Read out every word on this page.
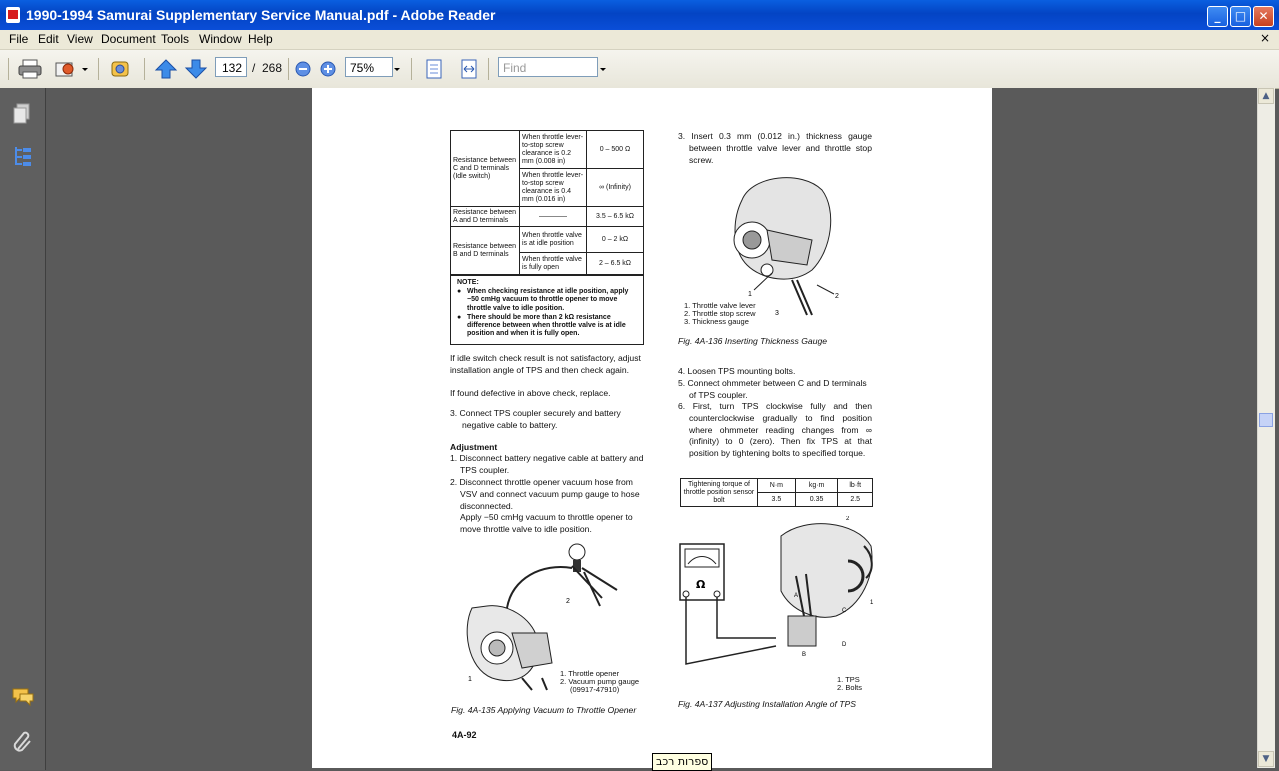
1990-1994 Samurai Supplementary Service Manual.pdf - Adobe Reader	_	□	✕
File Edit View Document Tools Window Help	×
132 / 268	75%	Find
Resistance between C and D terminals (Idle switch)	When throttle lever-to-stop screw clearance is 0.2 mm (0.008 in)	0 – 500 Ω
	When throttle lever-to-stop screw clearance is 0.4 mm (0.016 in)	∞ (Infinity)
Resistance between A and D terminals	————	3.5 – 6.5 kΩ
Resistance between B and D terminals	When throttle valve is at idle position	0 – 2 kΩ
	When throttle valve is fully open	2 – 6.5 kΩ
NOTE:
● When checking resistance at idle position, apply −50 cmHg vacuum to throttle opener to move throttle valve to idle position.
● There should be more than 2 kΩ resistance difference between when throttle valve is at idle position and when it is fully open.
If idle switch check result is not satisfactory, adjust installation angle of TPS and then check again.
If found defective in above check, replace.
3. Connect TPS coupler securely and battery negative cable to battery.
Adjustment
1. Disconnect battery negative cable at battery and TPS coupler.
2. Disconnect throttle opener vacuum hose from VSV and connect vacuum pump gauge to hose disconnected.
Apply −50 cmHg vacuum to throttle opener to move throttle valve to idle position.
2
1
1. Throttle opener
2. Vacuum pump gauge
(09917-47910)
Fig. 4A-135 Applying Vacuum to Throttle Opener
4A-92
3. Insert 0.3 mm (0.012 in.) thickness gauge between throttle valve lever and throttle stop screw.
1	2
3
1. Throttle valve lever
2. Throttle stop screw
3. Thickness gauge
Fig. 4A-136 Inserting Thickness Gauge
4. Loosen TPS mounting bolts.
5. Connect ohmmeter between C and D terminals of TPS coupler.
6. First, turn TPS clockwise fully and then counterclockwise gradually to find position where ohmmeter reading changes from ∞ (infinity) to 0 (zero). Then fix TPS at that position by tightening bolts to specified torque.
Tightening torque of throttle position sensor bolt	N·m	kg·m	lb·ft
	3.5	0.35	2.5
Ω
A
B
C
D
2
1
1. TPS
2. Bolts
Fig. 4A-137 Adjusting Installation Angle of TPS
▲
▼
ספרות רכב
